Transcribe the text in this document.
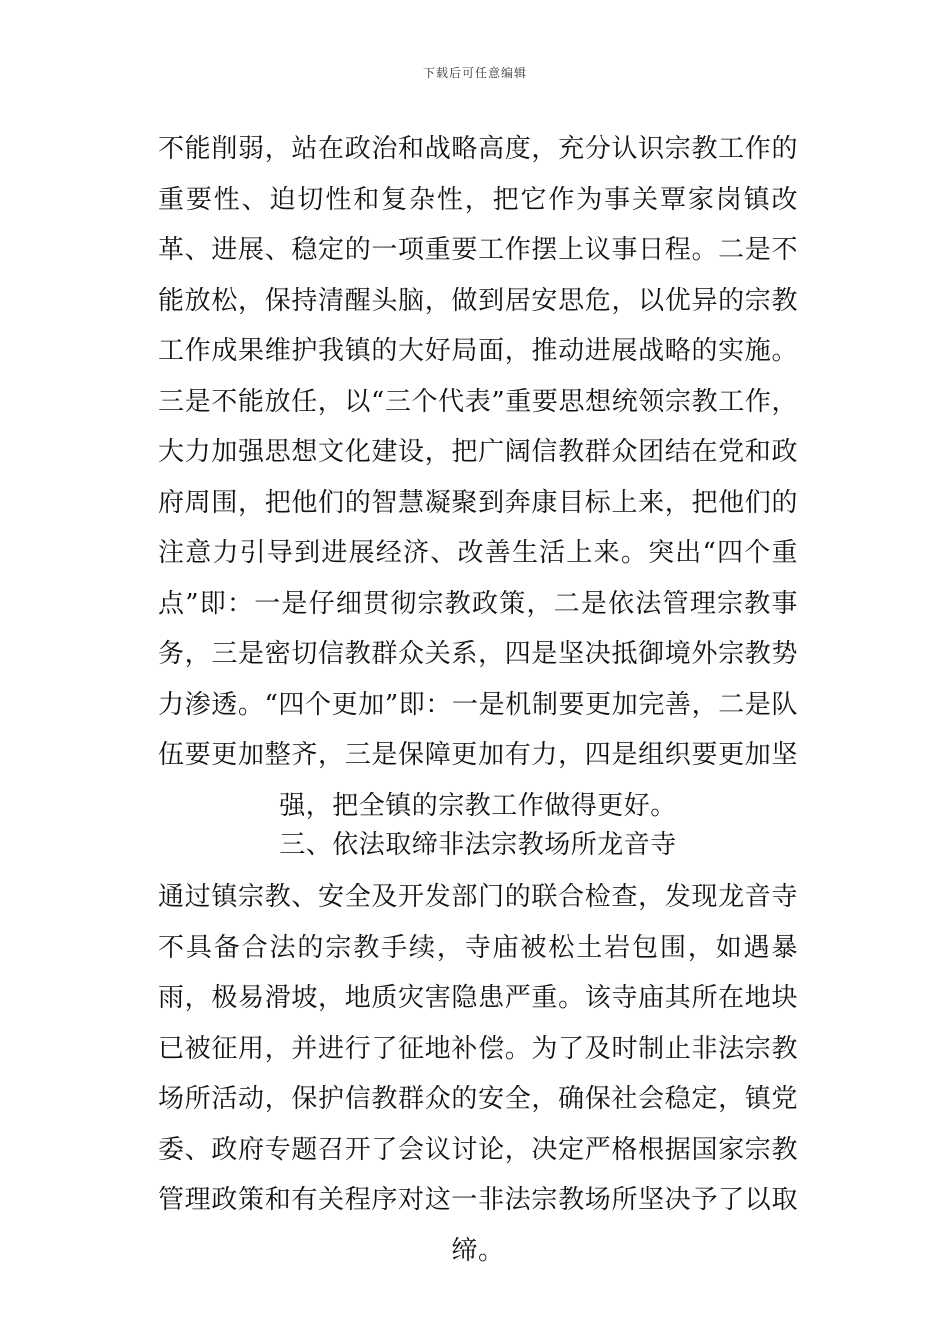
下载后可任意编辑

不能削弱，站在政治和战略高度，充分认识宗教工作的重要性、迫切性和复杂性，把它作为事关覃家岗镇改革、进展、稳定的一项重要工作摆上议事日程。二是不能放松，保持清醒头脑，做到居安思危，以优异的宗教工作成果维护我镇的大好局面，推动进展战略的实施。三是不能放任，以“三个代表”重要思想统领宗教工作，大力加强思想文化建设，把广阔信教群众团结在党和政府周围，把他们的智慧凝聚到奔康目标上来，把他们的注意力引导到进展经济、改善生活上来。突出“四个重点”即：一是仔细贯彻宗教政策，二是依法管理宗教事务，三是密切信教群众关系，四是坚决抵御境外宗教势力渗透。“四个更加”即：一是机制要更加完善，二是队伍要更加整齐，三是保障更加有力，四是组织要更加坚强，把全镇的宗教工作做得更好。

三、依法取缔非法宗教场所龙音寺

通过镇宗教、安全及开发部门的联合检查，发现龙音寺不具备合法的宗教手续，寺庙被松土岩包围，如遇暴雨，极易滑坡，地质灾害隐患严重。该寺庙其所在地块已被征用，并进行了征地补偿。为了及时制止非法宗教场所活动，保护信教群众的安全，确保社会稳定，镇党委、政府专题召开了会议讨论，决定严格根据国家宗教管理政策和有关程序对这一非法宗教场所坚决予了以取缔。
